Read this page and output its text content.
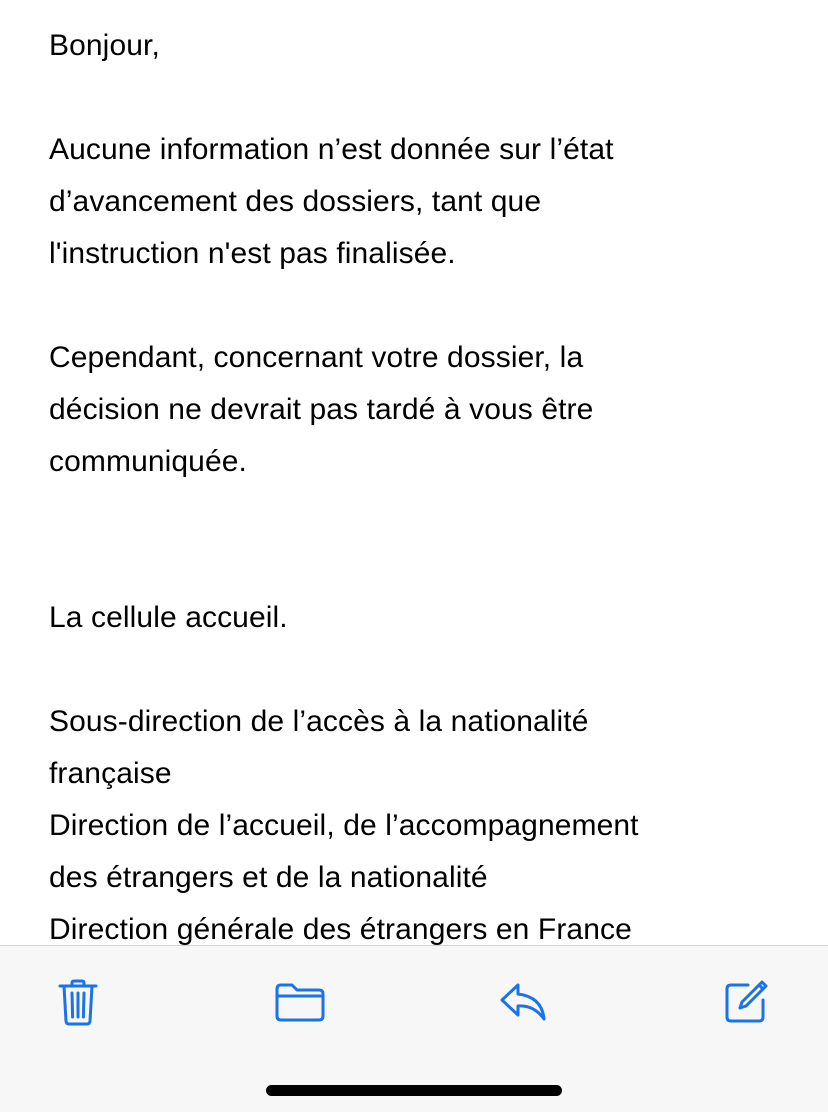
Bonjour,

Aucune information n’est donnée sur l’état
d’avancement des dossiers, tant que
l'instruction n'est pas finalisée.

Cependant, concernant votre dossier, la
décision ne devrait pas tardé à vous être
communiquée.

La cellule accueil.

Sous-direction de l’accès à la nationalité
française

Direction de l’accueil, de l’accompagnement
des étrangers et de la nationalité

Direction générale des étrangers en France
